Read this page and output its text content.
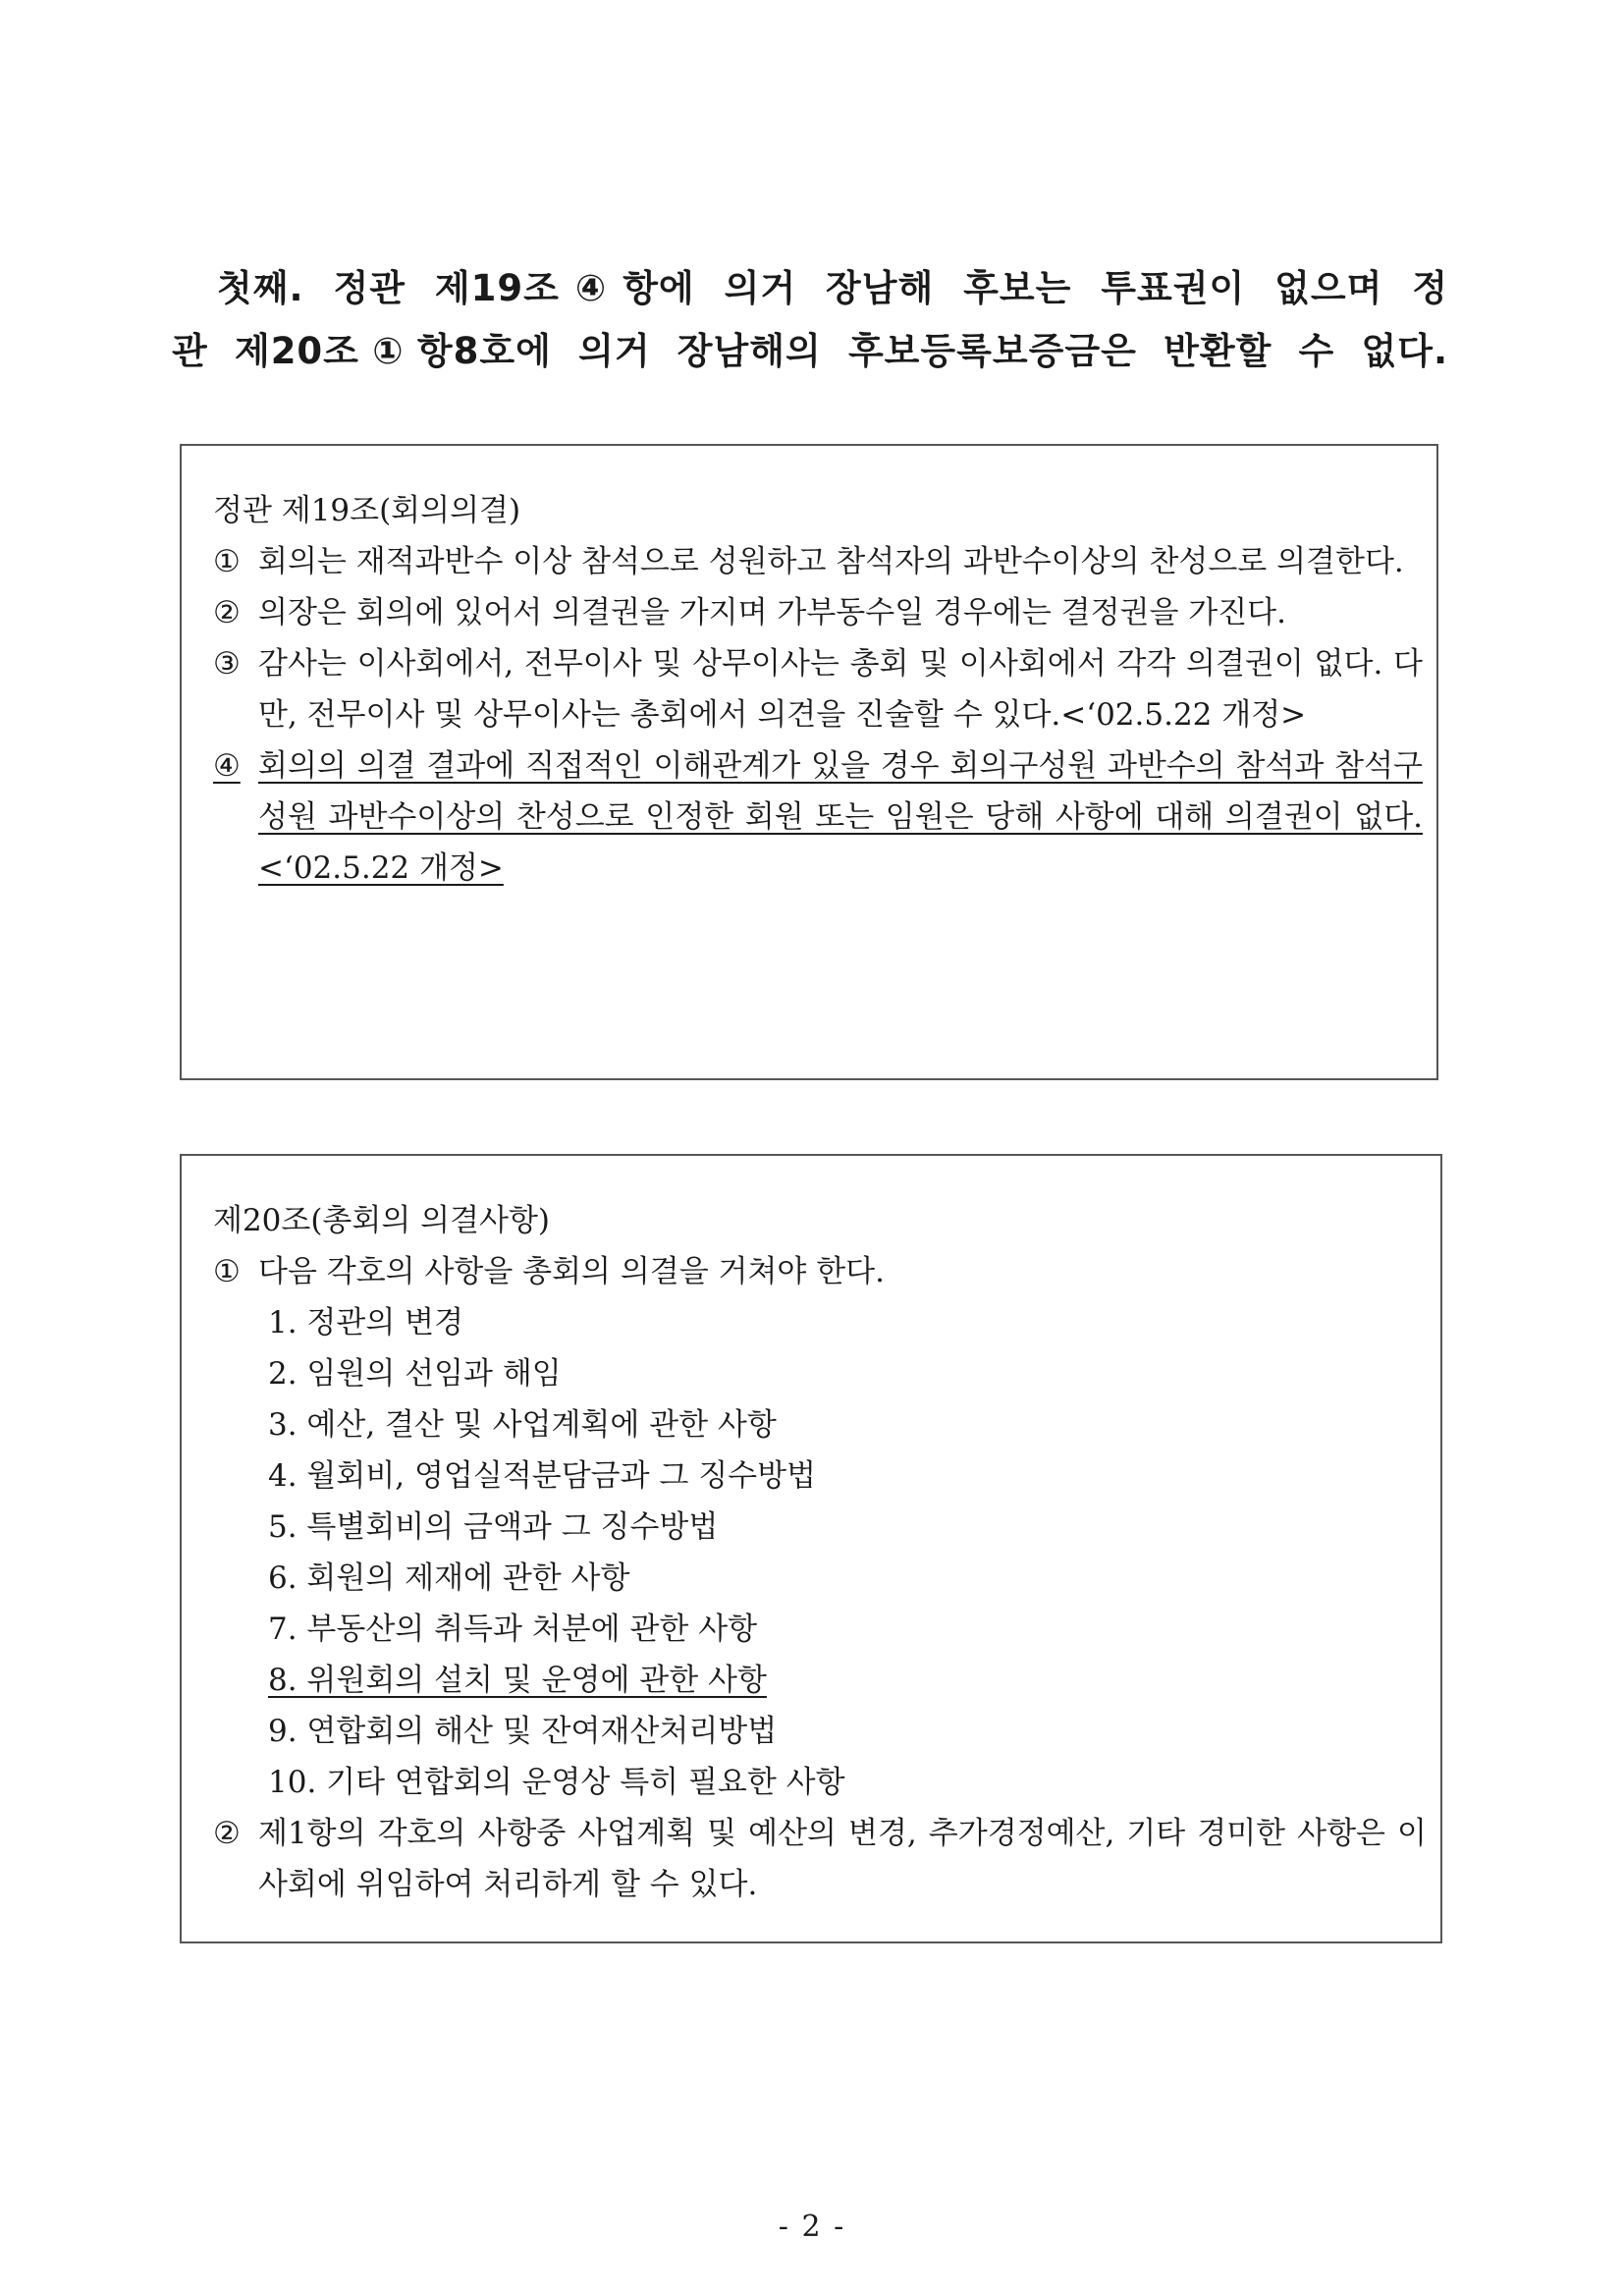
첫째. 정관 제19조④항에 의거 장남해 후보는 투표권이 없으며 정
관 제20조①항8호에 의거 장남해의 후보등록보증금은 반환할 수 없다.
정관 제19조(회의의결)
① 회의는 재적과반수 이상 참석으로 성원하고 참석자의 과반수이상의 찬성으로 의결한다.
② 의장은 회의에 있어서 의결권을 가지며 가부동수일 경우에는 결정권을 가진다.
③ 감사는 이사회에서, 전무이사 및 상무이사는 총회 및 이사회에서 각각 의결권이 없다. 다만, 전무이사 및 상무이사는 총회에서 의견을 진술할 수 있다.<‘02.5.22 개정>
④ 회의의 의결 결과에 직접적인 이해관계가 있을 경우 회의구성원 과반수의 참석과 참석구성원 과반수이상의 찬성으로 인정한 회원 또는 임원은 당해 사항에 대해 의결권이 없다.<‘02.5.22 개정>
제20조(총회의 의결사항)
① 다음 각호의 사항을 총회의 의결을 거쳐야 한다.
1. 정관의 변경
2. 임원의 선임과 해임
3. 예산, 결산 및 사업계획에 관한 사항
4. 월회비, 영업실적분담금과 그 징수방법
5. 특별회비의 금액과 그 징수방법
6. 회원의 제재에 관한 사항
7. 부동산의 취득과 처분에 관한 사항
8. 위원회의 설치 및 운영에 관한 사항
9. 연합회의 해산 및 잔여재산처리방법
10. 기타 연합회의 운영상 특히 필요한 사항
② 제1항의 각호의 사항중 사업계획 및 예산의 변경, 추가경정예산, 기타 경미한 사항은 이사회에 위임하여 처리하게 할 수 있다.
- 2 -
